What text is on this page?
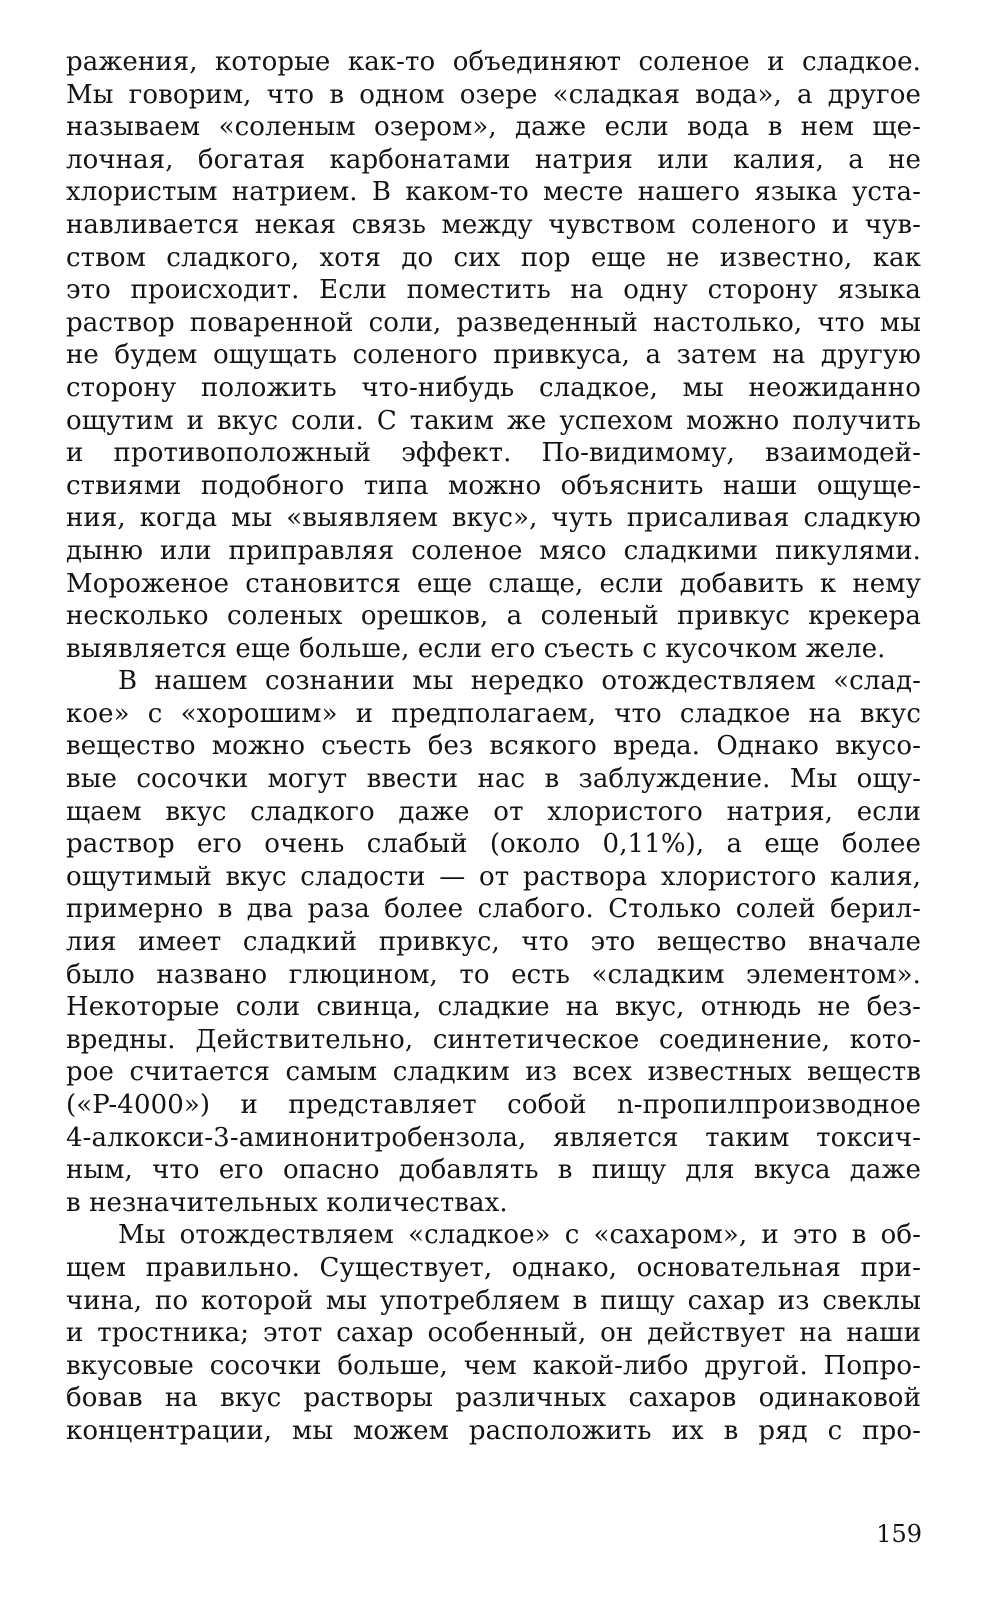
ражения, которые как-то объединяют соленое и сладкое.
Мы говорим, что в одном озере «сладкая вода», а другое
называем «соленым озером», даже если вода в нем ще-
лочная, богатая карбонатами натрия или калия, а не
хлористым натрием. В каком-то месте нашего языка уста-
навливается некая связь между чувством соленого и чув-
ством сладкого, хотя до сих пор еще не известно, как
это происходит. Если поместить на одну сторону языка
раствор поваренной соли, разведенный настолько, что мы
не будем ощущать соленого привкуса, а затем на другую
сторону положить что-нибудь сладкое, мы неожиданно
ощутим и вкус соли. С таким же успехом можно получить
и противоположный эффект. По-видимому, взаимодей-
ствиями подобного типа можно объяснить наши ощуще-
ния, когда мы «выявляем вкус», чуть присаливая сладкую
дыню или приправляя соленое мясо сладкими пикулями.
Мороженое становится еще слаще, если добавить к нему
несколько соленых орешков, а соленый привкус крекера
выявляется еще больше, если его съесть с кусочком желе.
В нашем сознании мы нередко отождествляем «слад-
кое» с «хорошим» и предполагаем, что сладкое на вкус
вещество можно съесть без всякого вреда. Однако вкусо-
вые сосочки могут ввести нас в заблуждение. Мы ощу-
щаем вкус сладкого даже от хлористого натрия, если
раствор его очень слабый (около 0,11%), а еще более
ощутимый вкус сладости — от раствора хлористого калия,
примерно в два раза более слабого. Столько солей берил-
лия имеет сладкий привкус, что это вещество вначале
было названо глюцином, то есть «сладким элементом».
Некоторые соли свинца, сладкие на вкус, отнюдь не без-
вредны. Действительно, синтетическое соединение, кото-
рое считается самым сладким из всех известных веществ
(«P-4000») и представляет собой n-пропилпроизводное
4-алкокси-3-аминонитробензола, является таким токсич-
ным, что его опасно добавлять в пищу для вкуса даже
в незначительных количествах.
Мы отождествляем «сладкое» с «сахаром», и это в об-
щем правильно. Существует, однако, основательная при-
чина, по которой мы употребляем в пищу сахар из свеклы
и тростника; этот сахар особенный, он действует на наши
вкусовые сосочки больше, чем какой-либо другой. Попро-
бовав на вкус растворы различных сахаров одинаковой
концентрации, мы можем расположить их в ряд с про-
159
